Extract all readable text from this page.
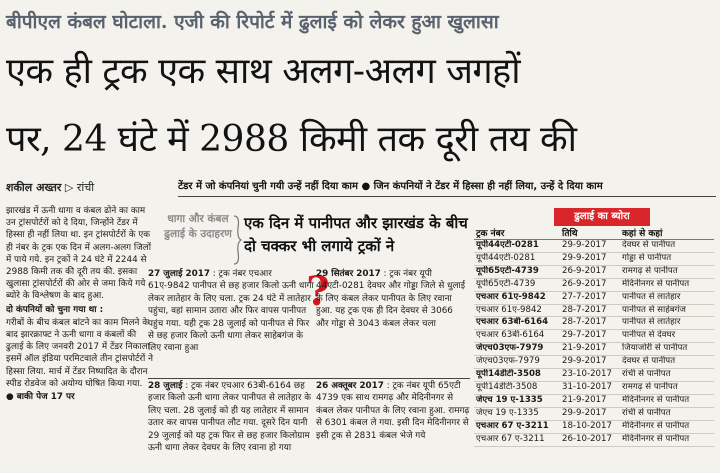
बीपीएल कंबल घोटाला. एजी की रिपोर्ट में ढुलाई को लेकर हुआ खुलासा
एक ही ट्रक एक साथ अलग-अलग जगहों
पर, 24 घंटे में 2988 किमी तक दूरी तय की
शकील अख्तर ▷ रांची	टेंडर में जो कंपनियां चुनी गयी उन्हें नहीं दिया काम ● जिन कंपनियों ने टेंडर में हिस्सा ही नहीं लिया, उन्हें दे दिया काम

झारखंड में ऊनी धागा व कंबल ढोने का काम उन ट्रांसपोर्टरों को दे दिया, जिन्होंने टेंडर में हिस्सा ही नहीं लिया था. इन ट्रांसपोर्टरों के एक ही नंबर के ट्रक एक दिन में अलग-अलग जिलों में पाये गये. इन ट्रकों ने 24 घंटे में 2244 से 2988 किमी तक की दूरी तय की. इसका खुलासा ट्रांसपोर्टरों की ओर से जमा किये गये ब्योरे के विश्लेषण के बाद हुआ.

दो कंपनियों को चुना गया था :

गरीबों के बीच कंबल बांटने का काम मिलने के बाद झारक्राफ्ट ने ऊनी धागा व कंबलों की ढुलाई के लिए जनवरी 2017 में टेंडर निकाला. इसमें ऑल इंडिया परमिटवाले तीन ट्रांसपोर्टरों ने हिस्सा लिया. मार्च में टेंडर निष्पादित के दौरान स्पीड रोडवेज को अयोग्य घोषित किया गया.

● बाकी पेज 17 पर

धागा और कंबल ढुलाई के उदाहरण
एक दिन में पानीपत और झारखंड के बीच दो चक्कर भी लगाये ट्रकों ने
?
27 जुलाई 2017 : ट्रक नंबर एचआर 61ए-9842 पानीपत से छह हजार किलो ऊनी धागा लेकर लातेहार के लिए चला. ट्रक 24 घंटे में लातेहार पहुंचा, वहां सामान उतारा और फिर वापस पानीपत पहुंच गया. यही ट्रक 28 जुलाई को पानीपत से फिर से छह हजार किलो ऊनी धागा लेकर साहेबगंज के लिए रवाना हुआ
29 सितंबर 2017 : ट्रक नंबर यूपी 44एटी-0281 देवघर और गोड्डा जिले से धुलाई के लिए कंबल लेकर पानीपत के लिए रवाना हुआ. यह ट्रक एक ही दिन देवघर से 3066 और गोड्डा से 3043 कंबल लेकर चला
28 जुलाई : ट्रक नंबर एचआर 63बी-6164 छह हजार किलो ऊनी धागा लेकर पानीपत से लातेहार के लिए चला. 28 जुलाई को ही यह लातेहार में सामान उतार कर वापस पानीपत लौट गया. दूसरे दिन यानी 29 जुलाई को यह ट्रक फिर से छह हजार किलोग्राम ऊनी धागा लेकर देवघर के लिए रवाना हो गया
26 अक्तूबर 2017 : ट्रक नंबर यूपी 65एटी 4739 एक साथ रामगढ़ और मेदिनीनगर से कंबल लेकर पानीपत के लिए रवाना हुआ. रामगढ़ से 6301 कंबल ले गया. इसी दिन मेदिनीनगर से इसी ट्रक से 2831 कंबल भेजे गये
ढुलाई का ब्योरा
ट्रक नंबर	तिथि	कहां से कहां
यूपी44एटी-0281	29-9-2017	देवघर से पानीपत
यूपी44एटी-0281	29-9-2017	गोड्डा से पानीपत
यूपी65एटी-4739	26-9-2017	रामगढ़ से पानीपत
यूपी65एटी-4739	26-9-2017	मेदिनीनगर से पानीपत
एचआर 61ए-9842	27-7-2017	पानीपत से लातेहार
एचआर 61ए-9842	28-7-2017	पानीपत से साहेबगंज
एचआर 63बी-6164	28-7-2017	पानीपत से लातेहार
एचआर 63बी-6164	29-7-2017	पानीपत से देवघर
जेएच03एफ-7979	21-9-2017	जियाजोरी से पानीपत
जेएच03एफ-7979	29-9-2017	देवघर से पानीपत
यूपी14डीटी-3508	23-10-2017	रांची से पानीपत
यूपी14डीटी-3508	31-10-2017	रामगढ़ से पानीपत
जेएच 19 ए-1335	21-9-2017	मेदिनीनगर से पानीपत
जेएच 19 ए-1335	29-9-2017	रांची से पानीपत
एचआर 67 ए-3211	18-10-2017	मेदिनीनगर से पानीपत
एचआर 67 ए-3211	26-10-2017	मेदिनीनगर से पानीपत
